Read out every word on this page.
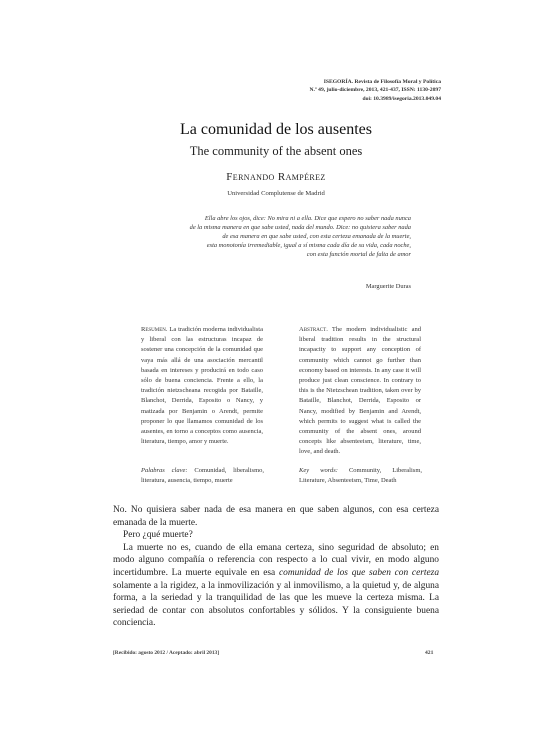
ISEGORÍA. Revista de Filosofía Moral y Política
N.º 49, julio-diciembre, 2013, 421-437, ISSN: 1130-2097
doi: 10.3989/isegoria.2013.049.04
La comunidad de los ausentes
The community of the absent ones
Fernando Rampérez
Universidad Complutense de Madrid
Ella abre los ojos, dice: No mira ni a ella. Dice que espero no saber nada nunca
de la misma manera en que sabe usted, nada del mundo. Dice: no quisiera saber nada
de esa manera en que sabe usted, con esta certeza emanada de la muerte,
esta monotonía irremediable, igual a sí misma cada día de su vida, cada noche,
con esta función mortal de falta de amor
Marguerite Duras
Resumen. La tradición moderna individualista y liberal con las estructuras incapaz de sostener una concepción de la comunidad que vaya más allá de una asociación mercantil basada en intereses y producirá en todo caso sólo de buena conciencia. Frente a ello, la tradición nietzscheana recogida por Bataille, Blanchot, Derrida, Esposito o Nancy, y matizada por Benjamin o Arendt, permite proponer lo que llamamos comunidad de los ausentes, en torno a conceptos como ausencia, literatura, tiempo, amor y muerte.
Abstract. The modern individualistic and liberal tradition results in the structural incapacity to support any conception of community which cannot go further than economy based on interests. In any case it will produce just clean conscience. In contrary to this is the Nietzschean tradition, taken over by Bataille, Blanchot, Derrida, Esposito or Nancy, modified by Benjamin and Arendt, which permits to suggest what is called the community of the absent ones, around concepts like absenteeism, literature, time, love, and death.
Palabras clave: Comunidad, liberalismo, literatura, ausencia, tiempo, muerte
Key words: Community, Liberalism, Literature, Absenteeism, Time, Death

No. No quisiera saber nada de esa manera en que saben algunos, con esa certeza emanada de la muerte.

Pero ¿qué muerte?

La muerte no es, cuando de ella emana certeza, sino seguridad de absoluto; en modo alguno compañía o referencia con respecto a lo cual vivir, en modo alguno incertidumbre. La muerte equivale en esa comunidad de los que saben con certeza solamente a la rigidez, a la inmovilización y al inmovilismo, a la quietud y, de alguna forma, a la seriedad y la tranquilidad de las que les mueve la certeza misma. La seriedad de contar con absolutos confortables y sólidos. Y la consiguiente buena conciencia.

[Recibido: agosto 2012 / Aceptado: abril 2013]	421
